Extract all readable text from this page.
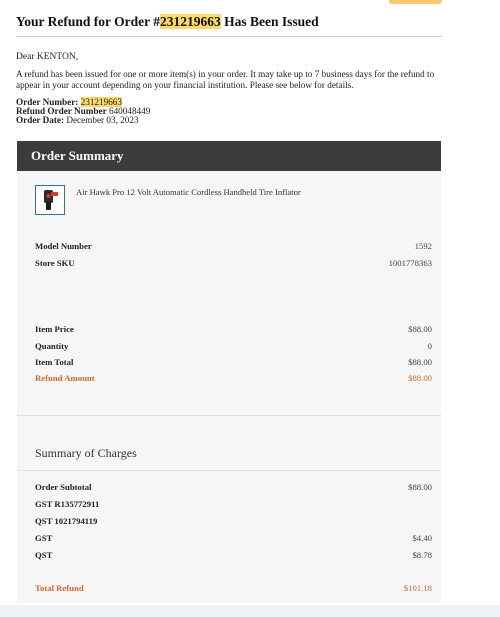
Your Refund for Order #231219663 Has Been Issued
Dear KENTON,
A refund has been issued for one or more item(s) in your order. It may take up to 7 business days for the refund to appear in your account depending on your financial institution. Please see below for details.
Order Number: 231219663
Refund Order Number 640048449
Order Date: December 03, 2023
Order Summary
Air Hawk Pro 12 Volt Automatic Cordless Handheld Tire Inflator
Model Number	1592
Store SKU	1001778363
Item Price	$88.00
Quantity	0
Item Total	$88.00
Refund Amount	$88.00
Summary of Charges
Order Subtotal	$88.00
GST R135772911
QST 1021794119
GST	$4.40
QST	$8.78
Total Refund	$101.18
